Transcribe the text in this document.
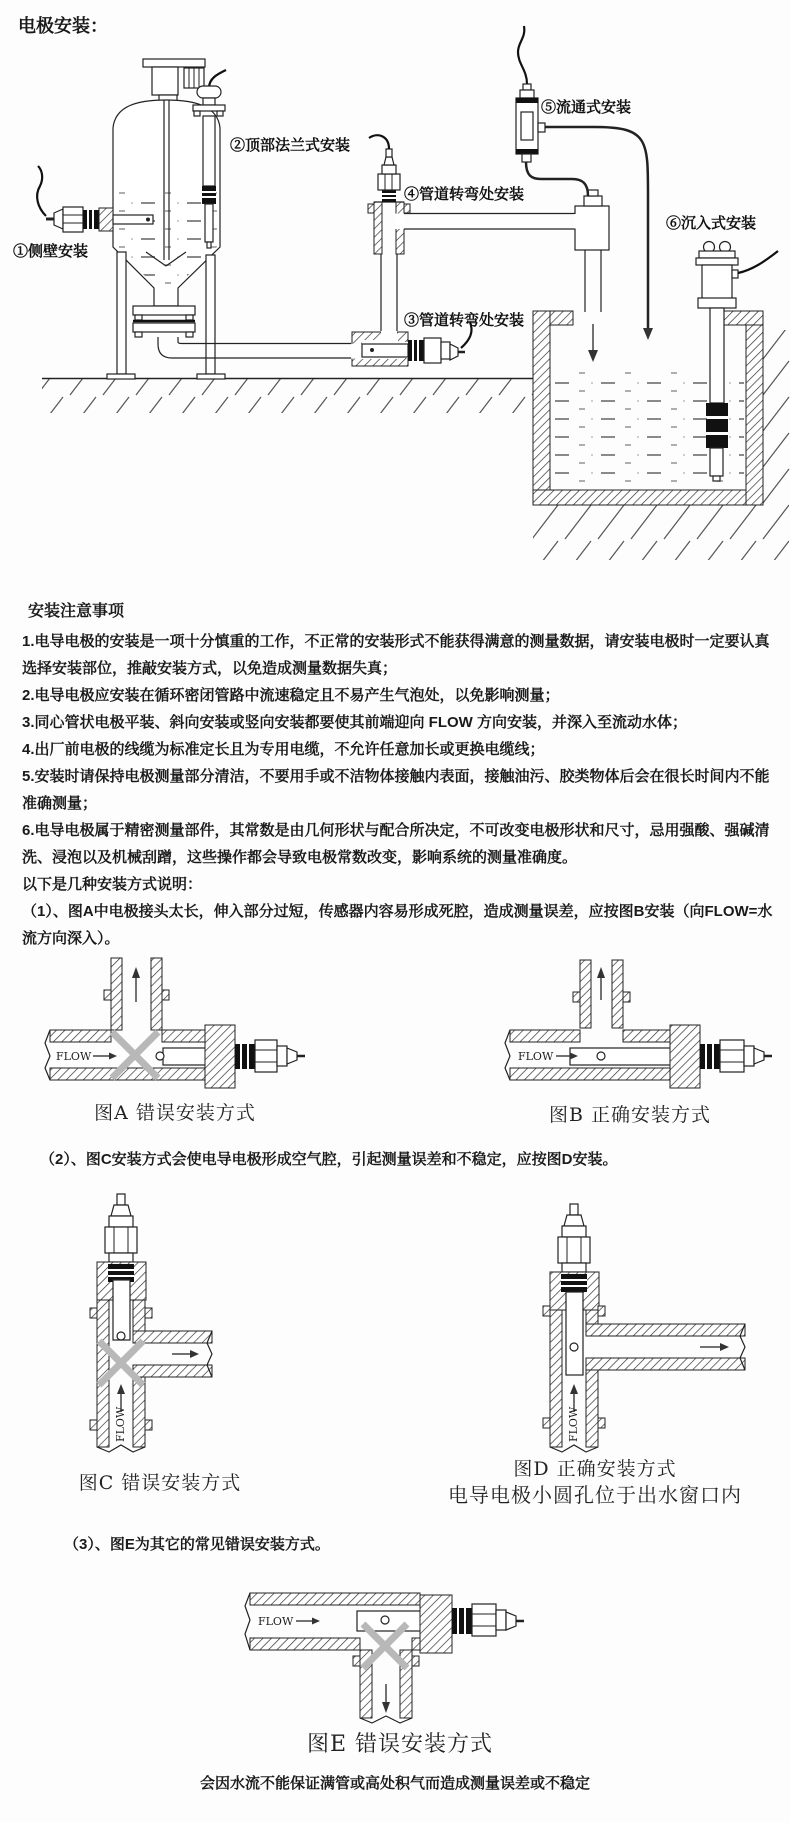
①侧壁安装
②顶部法兰式安装
④管道转弯处安装
③管道转弯处安装
⑤流通式安装
⑥沉入式安装
FLOW	FLOW
FLOW	FLOW
FLOW
电极安装：
安装注意事项

1.电导电极的安装是一项十分慎重的工作，不正常的安装形式不能获得满意的测量数据，请安装电极时一定要认真选择安装部位，推敲安装方式，以免造成测量数据失真；

2.电导电极应安装在循环密闭管路中流速稳定且不易产生气泡处，以免影响测量；

3.同心管状电极平装、斜向安装或竖向安装都要使其前端迎向 FLOW 方向安装，并深入至流动水体；

4.出厂前电极的线缆为标准定长且为专用电缆，不允许任意加长或更换电缆线；

5.安装时请保持电极测量部分清洁，不要用手或不洁物体接触内表面，接触油污、胶类物体后会在很长时间内不能准确测量；

6.电导电极属于精密测量部件，其常数是由几何形状与配合所决定，不可改变电极形状和尺寸，忌用强酸、强碱清洗、浸泡以及机械刮蹭，这些操作都会导致电极常数改变，影响系统的测量准确度。

以下是几种安装方式说明：

（1）、图A中电极接头太长，伸入部分过短，传感器内容易形成死腔，造成测量误差，应按图B安装（向FLOW=水流方向深入）。

图A 错误安装方式	图B 正确安装方式
（2）、图C安装方式会使电导电极形成空气腔，引起测量误差和不稳定，应按图D安装。
图C 错误安装方式
图D 正确安装方式
电导电极小圆孔位于出水窗口内
（3）、图E为其它的常见错误安装方式。
图E 错误安装方式
会因水流不能保证满管或高处积气而造成测量误差或不稳定
